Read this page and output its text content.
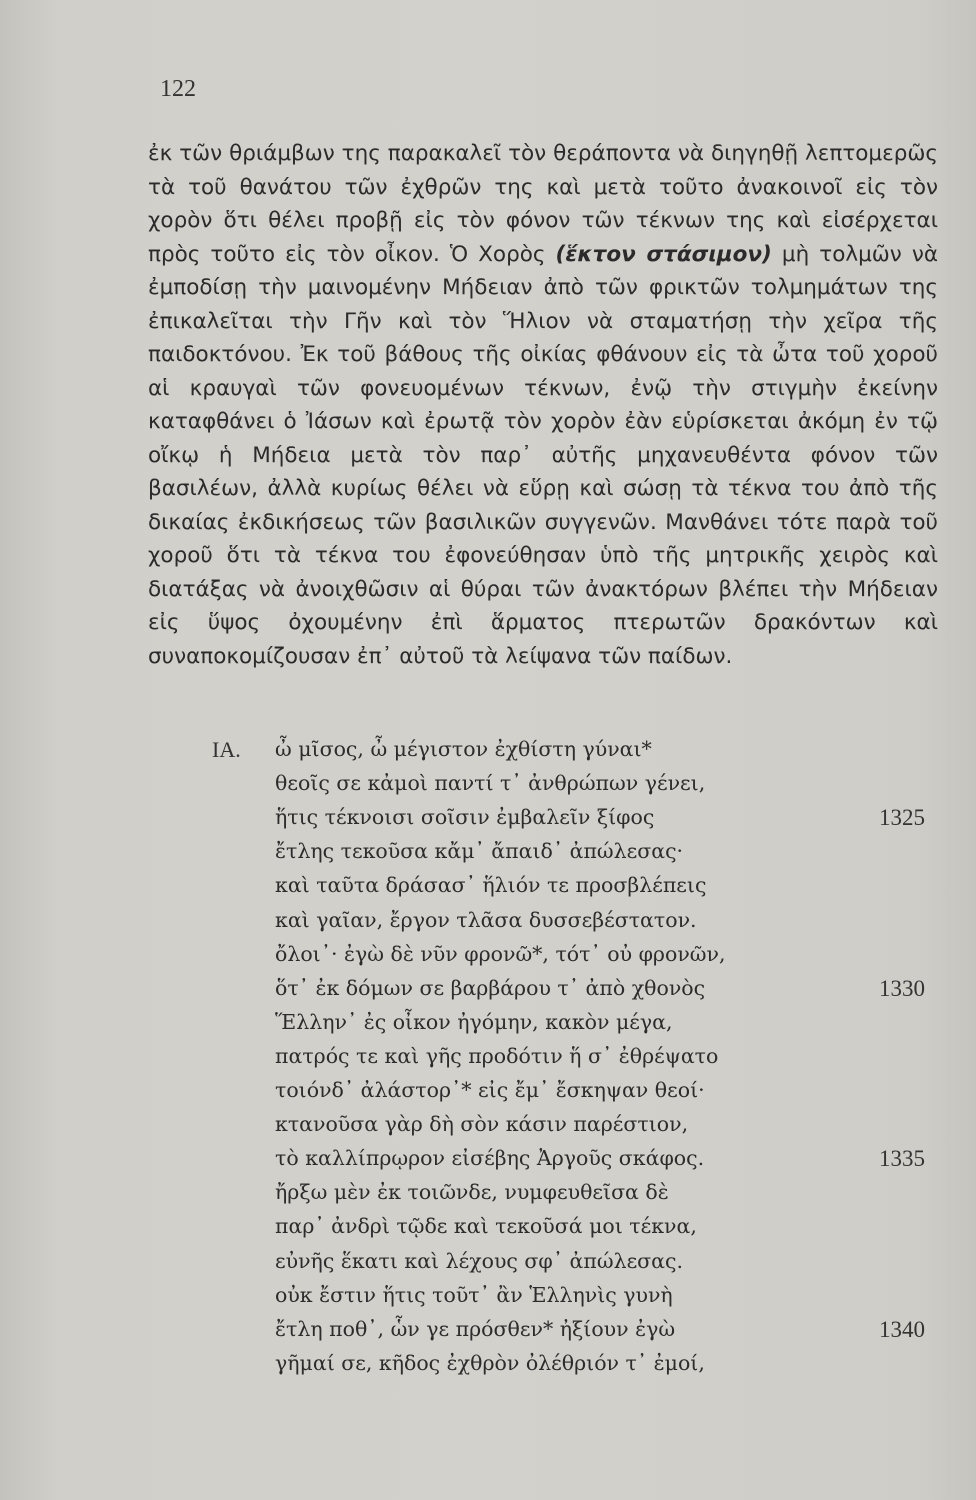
122

ἐκ τῶν θριάμβων της παρακαλεῖ τὸν θεράποντα νὰ διηγηθῇ λεπτομερῶς τὰ τοῦ θανάτου τῶν ἐχθρῶν της καὶ μετὰ τοῦτο ἀνακοινοῖ εἰς τὸν χορὸν ὅτι θέλει προβῇ εἰς τὸν φόνον τῶν τέκνων της καὶ εἰσέρχεται πρὸς τοῦτο εἰς τὸν οἶκον. Ὁ Χορὸς (ἕκτον στάσιμον) μὴ τολμῶν νὰ ἐμποδίσῃ τὴν μαινομένην Μήδειαν ἀπὸ τῶν φρικτῶν τολμημάτων της ἐπικαλεῖται τὴν Γῆν καὶ τὸν Ἥλιον νὰ σταματήσῃ τὴν χεῖρα τῆς παιδοκτόνου. Ἐκ τοῦ βάθους τῆς οἰκίας φθάνουν εἰς τὰ ὦτα τοῦ χοροῦ αἱ κραυγαὶ τῶν φονευομένων τέκνων, ἐνῷ τὴν στιγμὴν ἐκείνην καταφθάνει ὁ Ἰάσων καὶ ἐρωτᾷ τὸν χορὸν ἐὰν εὑρίσκεται ἀκόμη ἐν τῷ οἴκῳ ἡ Μήδεια μετὰ τὸν παρ᾽ αὐτῆς μηχανευθέντα φόνον τῶν βασιλέων, ἀλλὰ κυρίως θέλει νὰ εὕρῃ καὶ σώσῃ τὰ τέκνα του ἀπὸ τῆς δικαίας ἐκδικήσεως τῶν βασιλικῶν συγγενῶν. Μανθάνει τότε παρὰ τοῦ χοροῦ ὅτι τὰ τέκνα του ἐφονεύθησαν ὑπὸ τῆς μητρικῆς χειρὸς καὶ διατάξας νὰ ἀνοιχθῶσιν αἱ θύραι τῶν ἀνακτόρων βλέπει τὴν Μήδειαν εἰς ὕψος ὀχουμένην ἐπὶ ἅρματος πτερωτῶν δρακόντων καὶ συναποκομίζουσαν ἐπ᾽ αὐτοῦ τὰ λείψανα τῶν παίδων.

ΙΑ. ὦ μῖσος, ὦ μέγιστον ἐχθίστη γύναι*
θεοῖς σε κἀμοὶ παντί τ᾽ ἀνθρώπων γένει,
ἥτις τέκνοισι σοῖσιν ἐμβαλεῖν ξίφος	1325
ἔτλης τεκοῦσα κἄμ᾽ ἄπαιδ᾽ ἀπώλεσας·
καὶ ταῦτα δράσασ᾽ ἥλιόν τε προσβλέπεις
καὶ γαῖαν, ἔργον τλᾶσα δυσσεβέστατον.
ὄλοι᾽· ἐγὼ δὲ νῦν φρονῶ*, τότ᾽ οὐ φρονῶν,
ὅτ᾽ ἐκ δόμων σε βαρβάρου τ᾽ ἀπὸ χθονὸς	1330
Ἕλλην᾽ ἐς οἶκον ἠγόμην, κακὸν μέγα,
πατρός τε καὶ γῆς προδότιν ἥ σ᾽ ἐθρέψατο
τοιόνδ᾽ ἀλάστορ᾽* εἰς ἔμ᾽ ἔσκηψαν θεοί·
κτανοῦσα γὰρ δὴ σὸν κάσιν παρέστιον,
τὸ καλλίπρῳρον εἰσέβης Ἀργοῦς σκάφος.	1335
ἤρξω μὲν ἐκ τοιῶνδε, νυμφευθεῖσα δὲ
παρ᾽ ἀνδρὶ τῷδε καὶ τεκοῦσά μοι τέκνα,
εὐνῆς ἕκατι καὶ λέχους σφ᾽ ἀπώλεσας.
οὐκ ἔστιν ἥτις τοῦτ᾽ ἂν Ἑλληνὶς γυνὴ
ἔτλη ποθ᾽, ὧν γε πρόσθεν* ἠξίουν ἐγὼ	1340
γῆμαί σε, κῆδος ἐχθρὸν ὀλέθριόν τ᾽ ἐμοί,
